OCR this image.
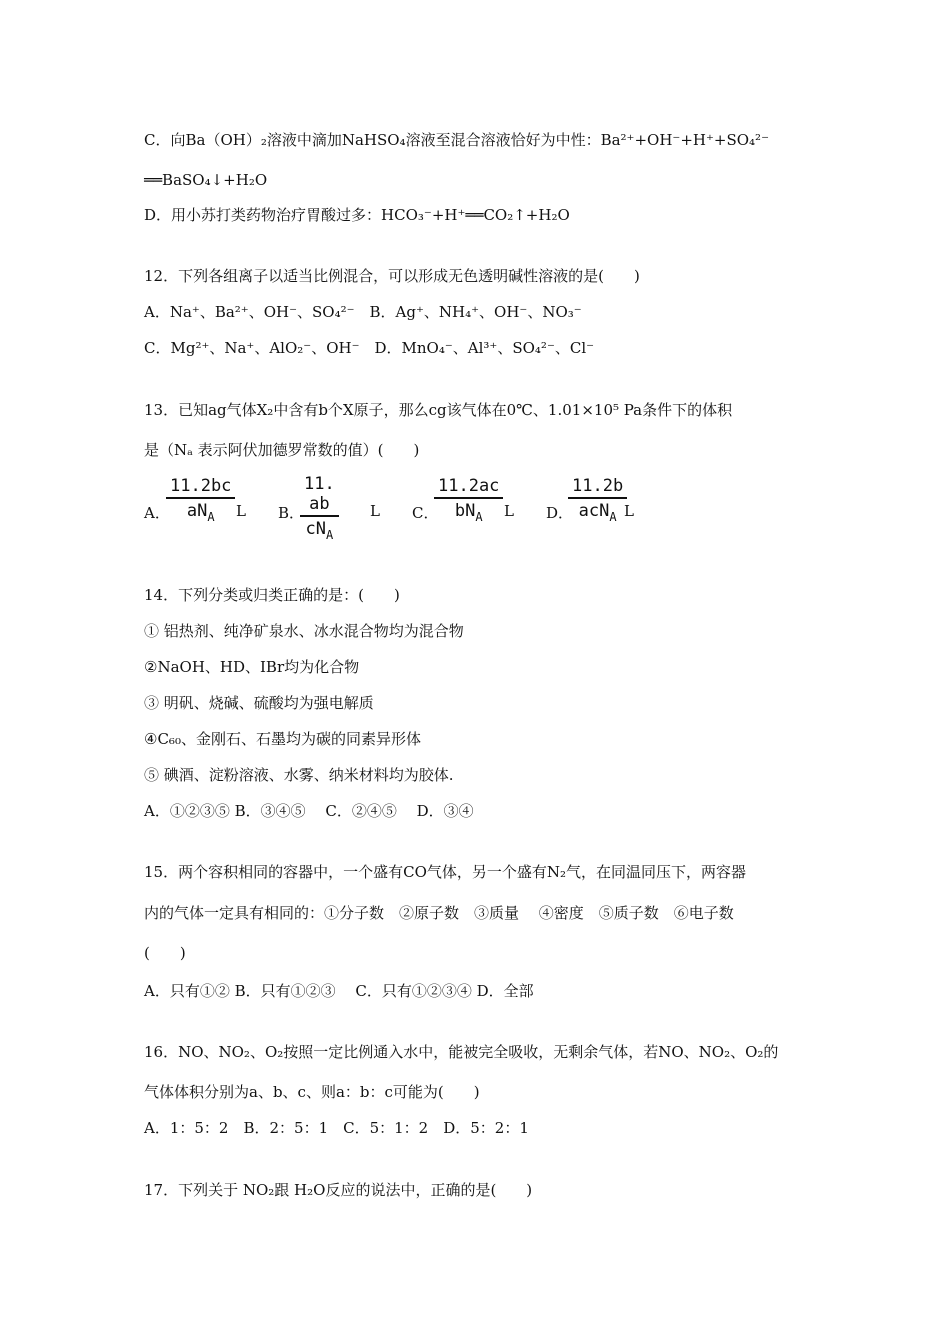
C．向Ba（OH）₂溶液中滴加NaHSO₄溶液至混合溶液恰好为中性：Ba²⁺+OH⁻+H⁺+SO₄²⁻
══BaSO₄↓+H₂O
D．用小苏打类药物治疗胃酸过多：HCO₃⁻+H⁺══CO₂↑+H₂O
12．下列各组离子以适当比例混合，可以形成无色透明碱性溶液的是(　　)
A．Na⁺、Ba²⁺、OH⁻、SO₄²⁻　B．Ag⁺、NH₄⁺、OH⁻、NO₃⁻
C．Mg²⁺、Na⁺、AlO₂⁻、OH⁻　D．MnO₄⁻、Al³⁺、SO₄²⁻、Cl⁻
13．已知ag气体X₂中含有b个X原子，那么cg该气体在0℃、1.01×10⁵ Pa条件下的体积
是（Nₐ 表示阿伏加德罗常数的值）(　　)
A．
11.2bc
$aN_A$	L B．
11. ab
$cN_A$
L C．
11.2ac
$bN_A$	L D．
11.2b
acN$_A$ L
14．下列分类或归类正确的是：(　　)
① 铝热剂、纯净矿泉水、冰水混合物均为混合物
②NaOH、HD、IBr均为化合物
③ 明矾、烧碱、硫酸均为强电解质
④C₆₀、金刚石、石墨均为碳的同素异形体
⑤ 碘酒、淀粉溶液、水雾、纳米材料均为胶体.
A．①②③⑤ B．③④⑤　 C．②④⑤　 D．③④
15．两个容积相同的容器中，一个盛有CO气体，另一个盛有N₂气，在同温同压下，两容器
内的气体一定具有相同的：①分子数　②原子数　③质量　 ④密度　⑤质子数　⑥电子数
(　　)
A．只有①② B．只有①②③　 C．只有①②③④ D．全部
16．NO、NO₂、O₂按照一定比例通入水中，能被完全吸收，无剩余气体，若NO、NO₂、O₂的
气体体积分别为a、b、c、则a：b：c可能为(　　)
A．1：5：2　B．2：5：1　C．5：1：2　D．5：2：1
17．下列关于 NO₂跟 H₂O反应的说法中，正确的是(　　)
